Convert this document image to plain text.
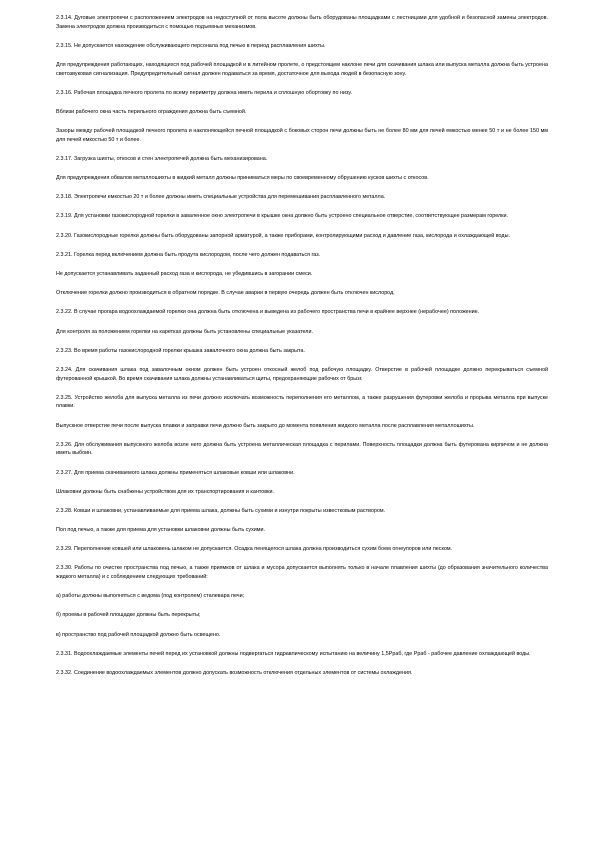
2.3.14. Дуговые электропечи с расположением электродов на недоступной от пола высоте должны быть оборудованы площадками с лестницами для удобной и безопасной замены электродов. Замена электродов должна производиться с помощью подъемных механизмов.

2.3.15. Не допускается нахождение обслуживающего персонала под печью в период расплавления шихты.

Для предупреждения работающих, находящихся под рабочей площадкой и в литейном пролете, о предстоящем наклоне печи для скачивания шлака или выпуска металла должна быть устроена светозвуковая сигнализация. Предупредительный сигнал должен подаваться за время, достаточное для выхода людей в безопасную зону.

2.3.16. Рабочая площадка печного пролета по всему периметру должна иметь перила и сплошную обортовку по низу.

Вблизи рабочего окна часть перильного ограждения должна быть съемной.

Зазоры между рабочей площадкой печного пролета и наклоняющейся печной площадкой с боковых сторон печи должны быть не более 80 мм для печей емкостью менее 50 т и не более 150 мм для печей емкостью 50 т и более.

2.3.17. Загрузка шихты, откосов и стен электропечей должна быть механизирована.

Для предупреждения обвалов металлошихты в жидкий металл должны приниматься меры по своевременному обрушению кусков шихты с откосов.

2.3.18. Электропечи емкостью 20 т и более должны иметь специальные устройства для перемешивания расплавленного металла.

2.3.19. Для установки газокислородной горелки в заваленное окно электропечи в крышке окна должно быть устроено специальное отверстие, соответствующее размерам горелки.

2.3.20. Газокислородные горелки должны быть оборудованы запорной арматурой, а также приборами, контролирующими расход и давление газа, кислорода и охлаждающей воды.

2.3.21. Горелка перед включением должна быть продута кислородом, после чего должен подаваться газ.

Не допускается устанавливать заданный расход газа и кислорода, не убедившись в загорании смеси.

Отключение горелки должно производиться в обратном порядке. В случае аварии в первую очередь должен быть отключен кислород.

2.3.22. В случае прогара водоохлаждаемой горелки она должна быть отключена и выведена из рабочего пространства печи в крайнее верхнее (нерабочее) положение.

Для контроля за положением горелки на каретках должны быть установлены специальные указатели.

2.3.23. Во время работы газокислородной горелки крышка завалочного окна должна быть закрыта.

2.3.24. Для скачивания шлака под завалочным окном должен быть устроен откосный желоб под рабочую площадку. Отверстие в рабочей площадке должно перекрываться съемной футерованной крышкой. Во время скачивания шлака должны устанавливаться щиты, предохраняющие рабочих от брызг.

2.3.25. Устройство желоба для выпуска металла из печи должно исключать возможность переполнения его металлом, а также разрушения футеровки желоба и прорыва металла при выпуске плавки.

Выпускное отверстие печи после выпуска плавки и заправки печи должно быть закрыто до момента появления жидкого металла после расплавления металлошихты.

2.3.26. Для обслуживания выпускного желоба возле него должна быть устроена металлическая площадка с перилами. Поверхность площадки должна быть футерована кирпичом и не должна иметь выбоин.

2.3.27. Для приема скачиваемого шлака должны применяться шлаковые ковши или шлаковни.

Шлаковни должны быть снабжены устройством для их транспортирования и кантовки.

2.3.28. Ковши и шлаковни, устанавливаемые для приема шлака, должны быть сухими и изнутри покрыты известковым раствором.

Пол под печью, а также для приема для установки шлаковни должны быть сухими.

2.3.29. Переполнение ковшей или шлаковень шлаком не допускается. Осадка пенящегося шлака должна производиться сухим боем огнеупоров или песком.

2.3.30. Работы по очистке пространства под печью, а также приямков от шлака и мусора допускается выполнять только в начале плавления шихты (до образования значительного количества жидкого металла) и с соблюдением следующих требований:

а) работы должны выполняться с ведома (под контролем) сталевара печи;

б) проемы в рабочей площадке должны быть перекрыты;

в) пространство под рабочей площадкой должно быть освещено.

2.3.31. Водоохлаждаемые элементы печей перед их установкой должны подвергаться гидравлическому испытанию на величину 1,5Рраб, где Рраб - рабочее давление охлаждающей воды.

2.3.32. Соединение водоохлаждаемых элементов должно допускать возможность отключения отдельных элементов от системы охлаждения.
